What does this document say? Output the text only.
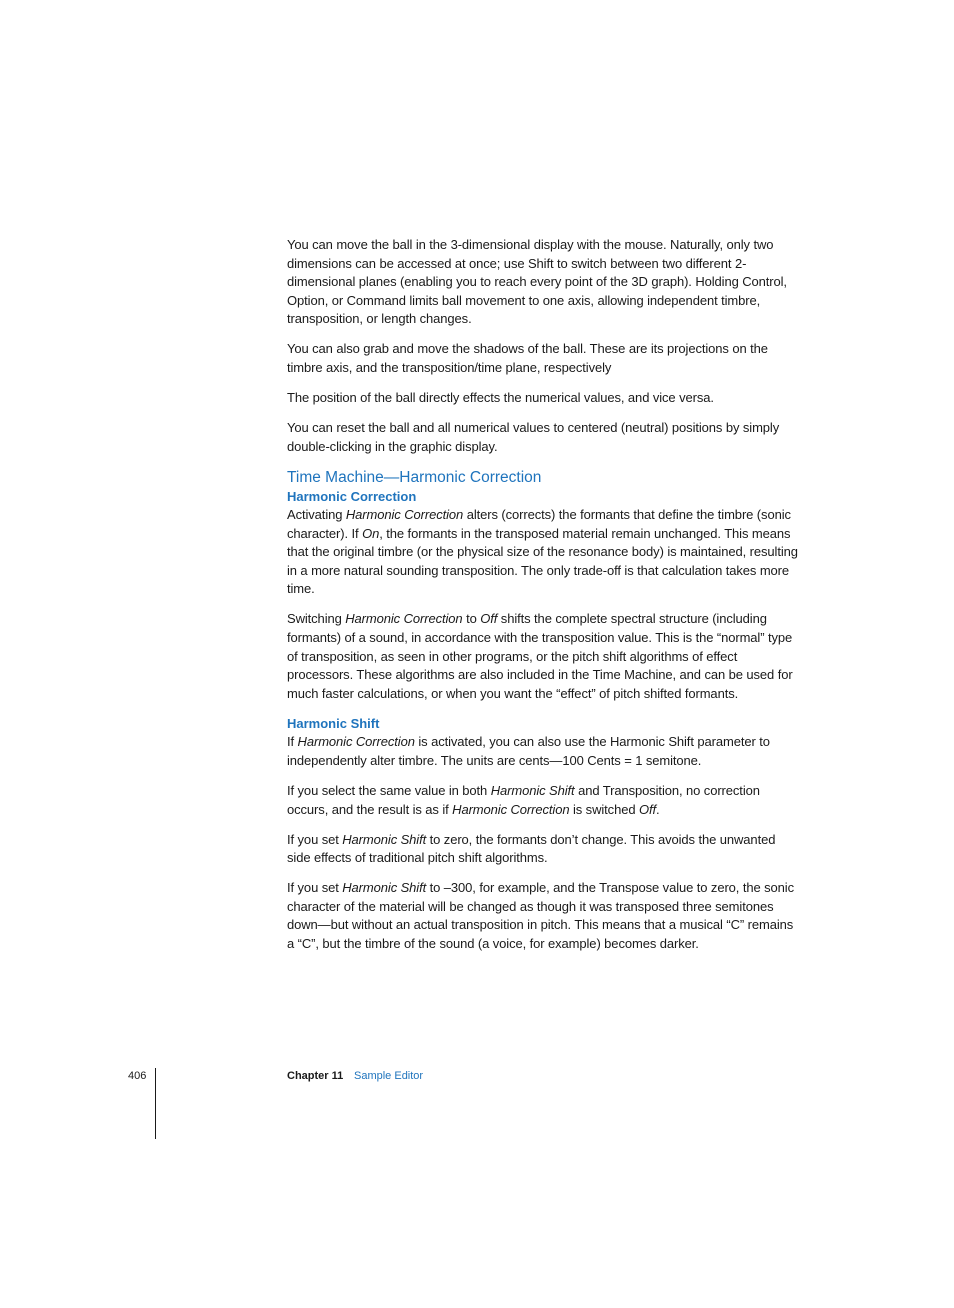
You can move the ball in the 3-dimensional display with the mouse. Naturally, only two dimensions can be accessed at once; use Shift to switch between two different 2-dimensional planes (enabling you to reach every point of the 3D graph). Holding Control, Option, or Command limits ball movement to one axis, allowing independent timbre, transposition, or length changes.

You can also grab and move the shadows of the ball. These are its projections on the timbre axis, and the transposition/time plane, respectively

The position of the ball directly effects the numerical values, and vice versa.

You can reset the ball and all numerical values to centered (neutral) positions by simply double-clicking in the graphic display.

Time Machine—Harmonic Correction
Harmonic Correction

Activating Harmonic Correction alters (corrects) the formants that define the timbre (sonic character). If On, the formants in the transposed material remain unchanged. This means that the original timbre (or the physical size of the resonance body) is maintained, resulting in a more natural sounding transposition. The only trade-off is that calculation takes more time.

Switching Harmonic Correction to Off shifts the complete spectral structure (including formants) of a sound, in accordance with the transposition value. This is the “normal” type of transposition, as seen in other programs, or the pitch shift algorithms of effect processors. These algorithms are also included in the Time Machine, and can be used for much faster calculations, or when you want the “effect” of pitch shifted formants.

Harmonic Shift

If Harmonic Correction is activated, you can also use the Harmonic Shift parameter to independently alter timbre. The units are cents—100 Cents = 1 semitone.

If you select the same value in both Harmonic Shift and Transposition, no correction occurs, and the result is as if Harmonic Correction is switched Off.

If you set Harmonic Shift to zero, the formants don’t change. This avoids the unwanted side effects of traditional pitch shift algorithms.

If you set Harmonic Shift to –300, for example, and the Transpose value to zero, the sonic character of the material will be changed as though it was transposed three semitones down—but without an actual transposition in pitch. This means that a musical “C” remains a “C”, but the timbre of the sound (a voice, for example) becomes darker.

406	Chapter 11 Sample Editor
